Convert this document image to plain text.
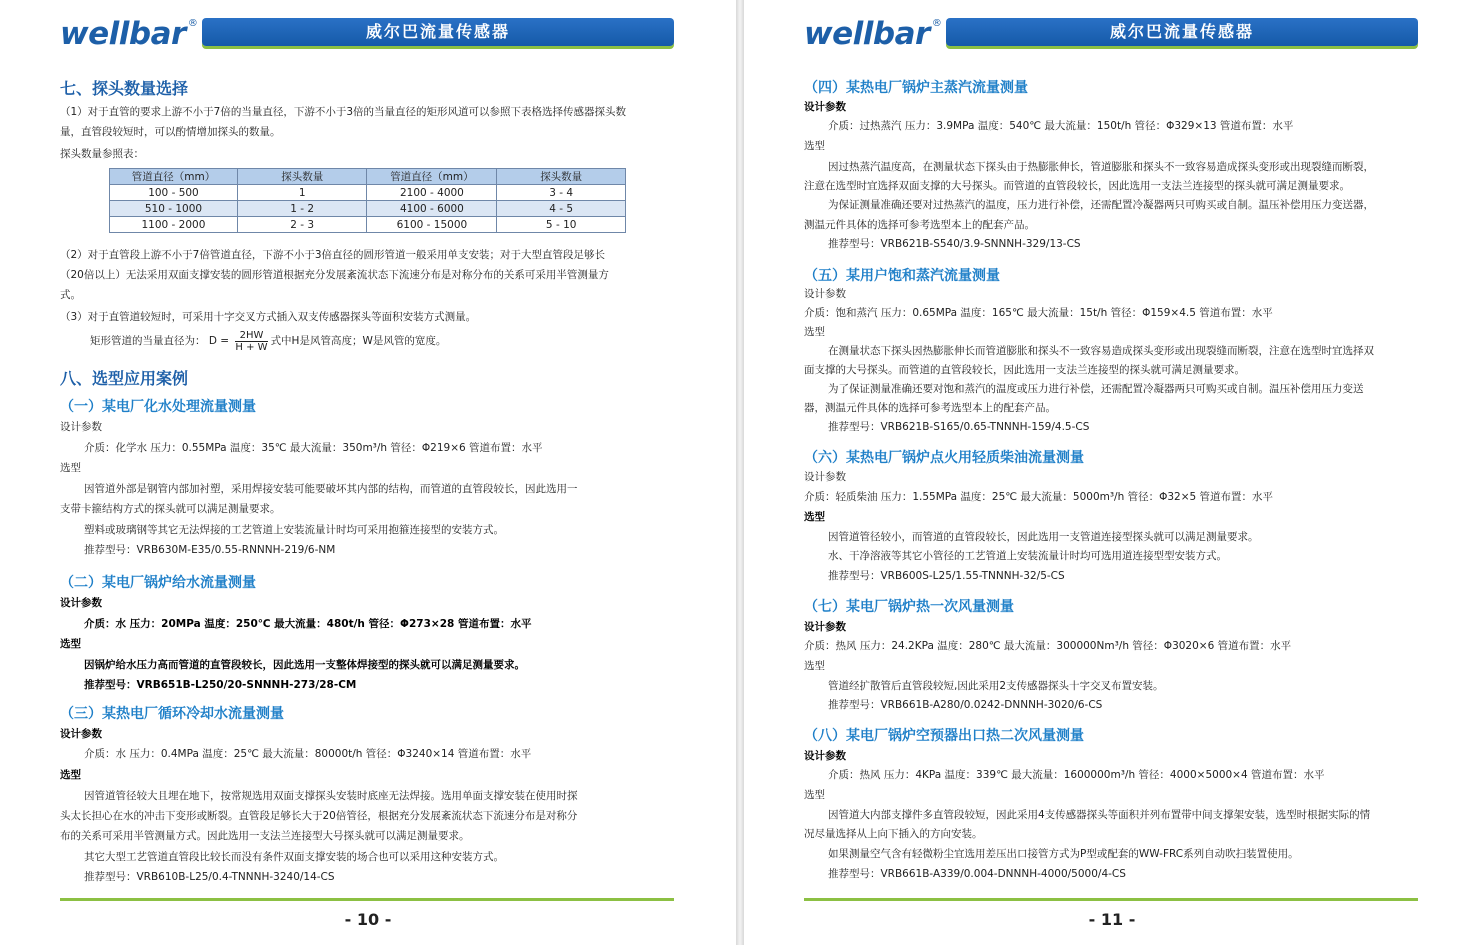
wellbar ®	威尔巴流量传感器
七、探头数量选择
（1）对于直管的要求上游不小于7倍的当量直径，下游不小于3倍的当量直径的矩形风道可以参照下表格选择传感器探头数
量，直管段较短时，可以酌情增加探头的数量。
探头数量参照表：
管道直径（mm）	探头数量	管道直径（mm）	探头数量
100 - 500	1	2100 - 4000	3 - 4
510 - 1000	1 - 2	4100 - 6000	4 - 5
1100 - 2000	2 - 3	6100 - 15000	5 - 10
（2）对于直管段上游不小于7倍管道直径，下游不小于3倍直径的圆形管道一般采用单支安装；对于大型直管段足够长
（20倍以上）无法采用双面支撑安装的圆形管道根据充分发展紊流状态下流速分布是对称分布的关系可采用半管测量方
式。
（3）对于直管道较短时，可采用十字交叉方式插入双支传感器探头等面积安装方式测量。
矩形管道的当量直径为： $D = \frac{2HW}{H + W}$ 式中H是风管高度；W是风管的宽度。
八、选型应用案例
（一）某电厂化水处理流量测量
设计参数
介质：化学水 压力：0.55MPa 温度：35℃ 最大流量：350m³/h 管径：Φ219×6 管道布置：水平
选型
因管道外部是钢管内部加衬塑，采用焊接安装可能要破坏其内部的结构，而管道的直管段较长，因此选用一
支带卡箍结构方式的探头就可以满足测量要求。
塑料或玻璃钢等其它无法焊接的工艺管道上安装流量计时均可采用抱箍连接型的安装方式。
推荐型号：VRB630M-E35/0.55-RNNNH-219/6-NM
（二）某电厂锅炉给水流量测量
设计参数
介质：水 压力：20MPa 温度：250℃ 最大流量：480t/h 管径：Φ273×28 管道布置：水平
选型
因锅炉给水压力高而管道的直管段较长，因此选用一支整体焊接型的探头就可以满足测量要求。
推荐型号：VRB651B-L250/20-SNNNH-273/28-CM
（三）某热电厂循环冷却水流量测量
设计参数
介质：水 压力：0.4MPa 温度：25℃ 最大流量：80000t/h 管径：Φ3240×14 管道布置：水平
选型
因管道管径较大且埋在地下，按常规选用双面支撑探头安装时底座无法焊接。选用单面支撑安装在使用时探
头太长担心在水的冲击下变形或断裂。直管段足够长大于20倍管径，根据充分发展紊流状态下流速分布是对称分
布的关系可采用半管测量方式。因此选用一支法兰连接型大号探头就可以满足测量要求。
其它大型工艺管道直管段比较长而没有条件双面支撑安装的场合也可以采用这种安装方式。
推荐型号：VRB610B-L25/0.4-TNNNH-3240/14-CS
- 10 -
wellbar ®	威尔巴流量传感器
（四）某热电厂锅炉主蒸汽流量测量
设计参数
介质：过热蒸汽 压力：3.9MPa 温度：540℃ 最大流量：150t/h 管径：Φ329×13 管道布置：水平
选型
因过热蒸汽温度高，在测量状态下探头由于热膨胀伸长，管道膨胀和探头不一致容易造成探头变形或出现裂缝而断裂，
注意在选型时宜选择双面支撑的大号探头。而管道的直管段较长，因此选用一支法兰连接型的探头就可满足测量要求。
为保证测量准确还要对过热蒸汽的温度，压力进行补偿，还需配置冷凝器两只可购买或自制。温压补偿用压力变送器，
测温元件具体的选择可参考选型本上的配套产品。
推荐型号：VRB621B-S540/3.9-SNNNH-329/13-CS
（五）某用户饱和蒸汽流量测量
设计参数
介质：饱和蒸汽 压力：0.65MPa 温度：165℃ 最大流量：15t/h 管径：Φ159×4.5 管道布置：水平
选型
在测量状态下探头因热膨胀伸长而管道膨胀和探头不一致容易造成探头变形或出现裂缝而断裂，注意在选型时宜选择双
面支撑的大号探头。而管道的直管段较长，因此选用一支法兰连接型的探头就可满足测量要求。
为了保证测量准确还要对饱和蒸汽的温度或压力进行补偿，还需配置冷凝器两只可购买或自制。温压补偿用压力变送
器，测温元件具体的选择可参考选型本上的配套产品。
推荐型号：VRB621B-S165/0.65-TNNNH-159/4.5-CS
（六）某热电厂锅炉点火用轻质柴油流量测量
设计参数
介质：轻质柴油 压力：1.55MPa 温度：25℃ 最大流量：5000m³/h 管径：Φ32×5 管道布置：水平
选型
因管道管径较小，而管道的直管段较长，因此选用一支管道连接型探头就可以满足测量要求。
水、干净溶液等其它小管径的工艺管道上安装流量计时均可选用道连接型型安装方式。
推荐型号：VRB600S-L25/1.55-TNNNH-32/5-CS
（七）某电厂锅炉热一次风量测量
设计参数
介质：热风 压力：24.2KPa 温度：280℃ 最大流量：300000Nm³/h 管径：Φ3020×6 管道布置：水平
选型
管道经扩散管后直管段较短,因此采用2支传感器探头十字交叉布置安装。
推荐型号：VRB661B-A280/0.0242-DNNNH-3020/6-CS
（八）某电厂锅炉空预器出口热二次风量测量
设计参数
介质：热风 压力：4KPa 温度：339℃ 最大流量：1600000m³/h 管径：4000×5000×4 管道布置：水平
选型
因管道大内部支撑件多直管段较短，因此采用4支传感器探头等面积并列布置带中间支撑架安装，选型时根据实际的情
况尽量选择从上向下插入的方向安装。
如果测量空气含有轻微粉尘宜选用差压出口接管方式为P型或配套的WW-FRC系列自动吹扫装置使用。
推荐型号：VRB661B-A339/0.004-DNNNH-4000/5000/4-CS
- 11 -
